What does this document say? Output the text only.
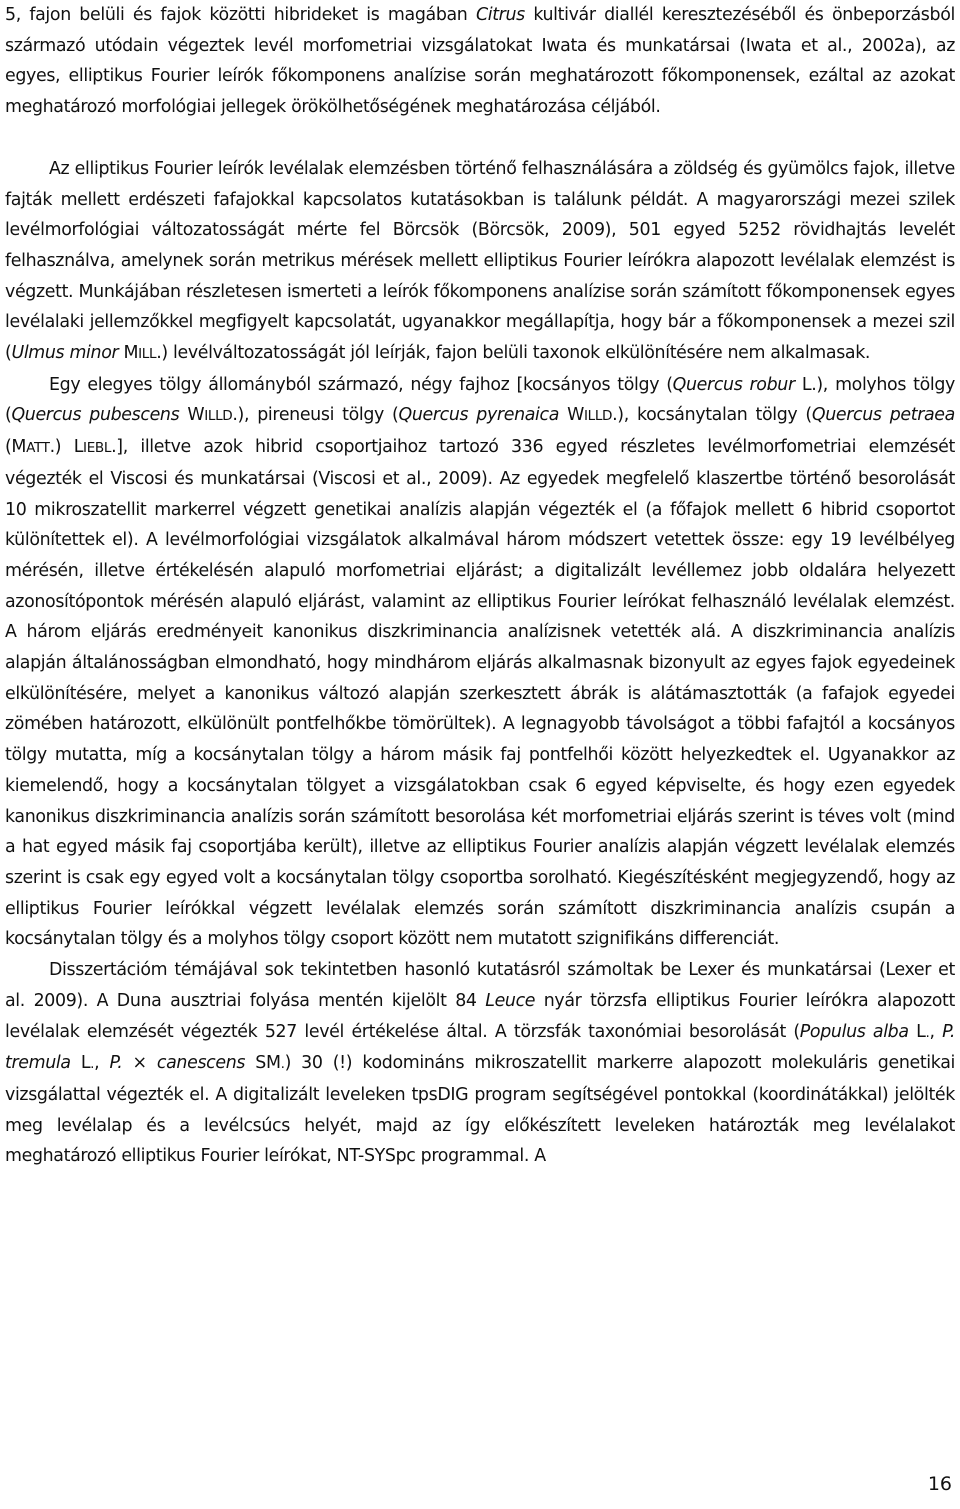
5, fajon belüli és fajok közötti hibrideket is magában Citrus kultivár diallél keresztezéséből és önbeporzásból származó utódain végeztek levél morfometriai vizsgálatokat Iwata és munkatársai (Iwata et al., 2002a), az egyes, elliptikus Fourier leírók főkomponens analízise során meghatározott főkomponensek, ezáltal az azokat meghatározó morfológiai jellegek örökölhetőségének meghatározása céljából.

Az elliptikus Fourier leírók levélalak elemzésben történő felhasználására a zöldség és gyümölcs fajok, illetve fajták mellett erdészeti fafajokkal kapcsolatos kutatásokban is találunk példát. A magyarországi mezei szilek levélmorfológiai változatosságát mérte fel Börcsök (Börcsök, 2009), 501 egyed 5252 rövidhajtás levelét felhasználva, amelynek során metrikus mérések mellett elliptikus Fourier leírókra alapozott levélalak elemzést is végzett. Munkájában részletesen ismerteti a leírók főkomponens analízise során számított főkomponensek egyes levélalaki jellemzőkkel megfigyelt kapcsolatát, ugyanakkor megállapítja, hogy bár a főkomponensek a mezei szil (Ulmus minor MILL.) levélváltozatosságát jól leírják, fajon belüli taxonok elkülönítésére nem alkalmasak.

Egy elegyes tölgy állományból származó, négy fajhoz [kocsányos tölgy (Quercus robur L.), molyhos tölgy (Quercus pubescens WILLD.), pireneusi tölgy (Quercus pyrenaica WILLD.), kocsánytalan tölgy (Quercus petraea (MATT.) LIEBL.], illetve azok hibrid csoportjaihoz tartozó 336 egyed részletes levélmorfometriai elemzését végezték el Viscosi és munkatársai (Viscosi et al., 2009). Az egyedek megfelelő klaszertbe történő besorolását 10 mikroszatellit markerrel végzett genetikai analízis alapján végezték el (a főfajok mellett 6 hibrid csoportot különítettek el). A levélmorfológiai vizsgálatok alkalmával három módszert vetettek össze: egy 19 levélbélyeg mérésén, illetve értékelésén alapuló morfometriai eljárást; a digitalizált levéllemez jobb oldalára helyezett azonosítópontok mérésén alapuló eljárást, valamint az elliptikus Fourier leírókat felhasználó levélalak elemzést. A három eljárás eredményeit kanonikus diszkriminancia analízisnek vetették alá. A diszkriminancia analízis alapján általánosságban elmondható, hogy mindhárom eljárás alkalmasnak bizonyult az egyes fajok egyedeinek elkülönítésére, melyet a kanonikus változó alapján szerkesztett ábrák is alátámasztották (a fafajok egyedei zömében határozott, elkülönült pontfelhőkbe tömörültek). A legnagyobb távolságot a többi fafajtól a kocsányos tölgy mutatta, míg a kocsánytalan tölgy a három másik faj pontfelhői között helyezkedtek el. Ugyanakkor az kiemelendő, hogy a kocsánytalan tölgyet a vizsgálatokban csak 6 egyed képviselte, és hogy ezen egyedek kanonikus diszkriminancia analízis során számított besorolása két morfometriai eljárás szerint is téves volt (mind a hat egyed másik faj csoportjába került), illetve az elliptikus Fourier analízis alapján végzett levélalak elemzés szerint is csak egy egyed volt a kocsánytalan tölgy csoportba sorolható. Kiegészítésként megjegyzendő, hogy az elliptikus Fourier leírókkal végzett levélalak elemzés során számított diszkriminancia analízis csupán a kocsánytalan tölgy és a molyhos tölgy csoport között nem mutatott szignifikáns differenciát.

Disszertációm témájával sok tekintetben hasonló kutatásról számoltak be Lexer és munkatársai (Lexer et al. 2009). A Duna ausztriai folyása mentén kijelölt 84 Leuce nyár törzsfa elliptikus Fourier leírókra alapozott levélalak elemzését végezték 527 levél értékelése által. A törzsfák taxonómiai besorolását (Populus alba L., P. tremula L., P. × canescens SM.) 30 (!) kodomináns mikroszatellit markerre alapozott molekuláris genetikai vizsgálattal végezték el. A digitalizált leveleken tpsDIG program segítségével pontokkal (koordinátákkal) jelölték meg levélalap és a levélcsúcs helyét, majd az így előkészített leveleken határozták meg levélalakot meghatározó elliptikus Fourier leírókat, NT-SYSpc programmal. A

16
